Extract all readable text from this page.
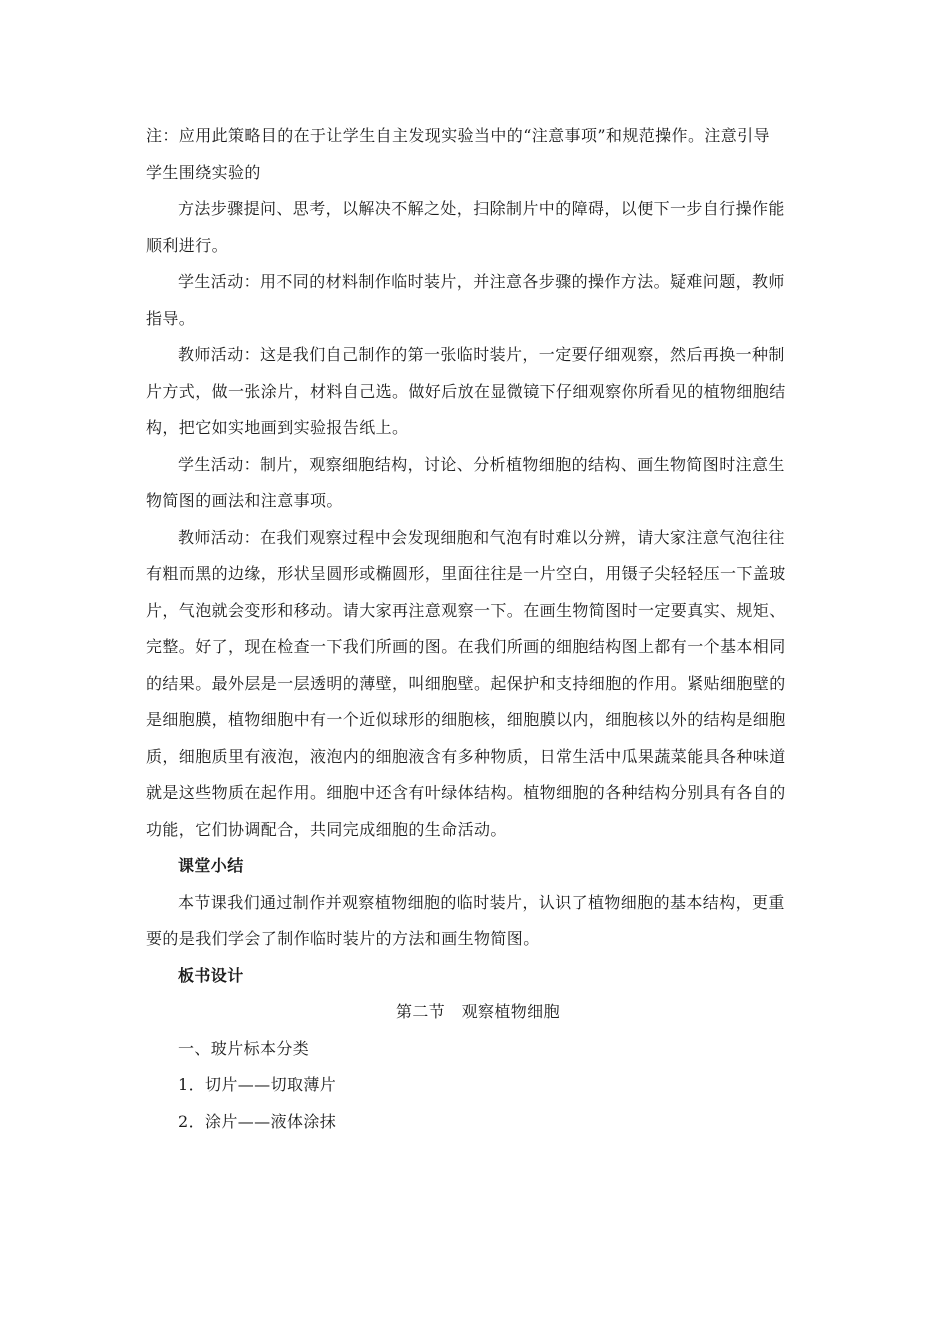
注：应用此策略目的在于让学生自主发现实验当中的“注意事项”和规范操作。注意引导
学生围绕实验的
方法步骤提问、思考，以解决不解之处，扫除制片中的障碍，以便下一步自行操作能
顺利进行。
学生活动：用不同的材料制作临时装片，并注意各步骤的操作方法。疑难问题，教师
指导。
教师活动：这是我们自己制作的第一张临时装片，一定要仔细观察，然后再换一种制
片方式，做一张涂片，材料自己选。做好后放在显微镜下仔细观察你所看见的植物细胞结
构，把它如实地画到实验报告纸上。
学生活动：制片，观察细胞结构，讨论、分析植物细胞的结构、画生物简图时注意生
物简图的画法和注意事项。
教师活动：在我们观察过程中会发现细胞和气泡有时难以分辨，请大家注意气泡往往
有粗而黑的边缘，形状呈圆形或椭圆形，里面往往是一片空白，用镊子尖轻轻压一下盖玻
片，气泡就会变形和移动。请大家再注意观察一下。在画生物简图时一定要真实、规矩、
完整。好了，现在检查一下我们所画的图。在我们所画的细胞结构图上都有一个基本相同
的结果。最外层是一层透明的薄壁，叫细胞壁。起保护和支持细胞的作用。紧贴细胞壁的
是细胞膜，植物细胞中有一个近似球形的细胞核，细胞膜以内，细胞核以外的结构是细胞
质，细胞质里有液泡，液泡内的细胞液含有多种物质，日常生活中瓜果蔬菜能具各种味道
就是这些物质在起作用。细胞中还含有叶绿体结构。植物细胞的各种结构分别具有各自的
功能，它们协调配合，共同完成细胞的生命活动。
课堂小结
本节课我们通过制作并观察植物细胞的临时装片，认识了植物细胞的基本结构，更重
要的是我们学会了制作临时装片的方法和画生物简图。
板书设计
第二节　观察植物细胞
一、玻片标本分类
1．切片——切取薄片
2．涂片——液体涂抹
